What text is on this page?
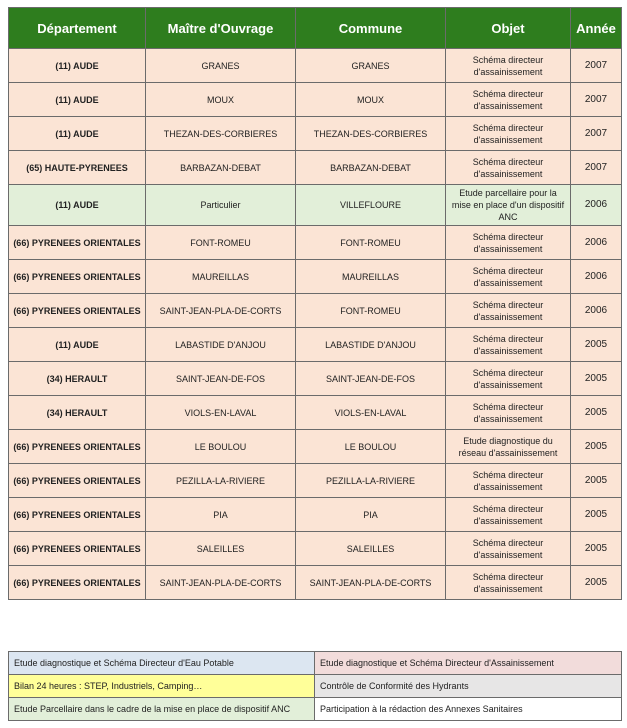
Département	Maître d'Ouvrage	Commune	Objet	Année
(11) AUDE	GRANES	GRANES	Schéma directeur d'assainissement	2007
(11) AUDE	MOUX	MOUX	Schéma directeur d'assainissement	2007
(11) AUDE	THEZAN-DES-CORBIERES	THEZAN-DES-CORBIERES	Schéma directeur d'assainissement	2007
(65) HAUTE-PYRENEES	BARBAZAN-DEBAT	BARBAZAN-DEBAT	Schéma directeur d'assainissement	2007
(11) AUDE	Particulier	VILLEFLOURE	Etude parcellaire pour la mise en place d'un dispositif ANC	2006
(66) PYRENEES ORIENTALES	FONT-ROMEU	FONT-ROMEU	Schéma directeur d'assainissement	2006
(66) PYRENEES ORIENTALES	MAUREILLAS	MAUREILLAS	Schéma directeur d'assainissement	2006
(66) PYRENEES ORIENTALES	SAINT-JEAN-PLA-DE-CORTS	FONT-ROMEU	Schéma directeur d'assainissement	2006
(11) AUDE	LABASTIDE D'ANJOU	LABASTIDE D'ANJOU	Schéma directeur d'assainissement	2005
(34) HERAULT	SAINT-JEAN-DE-FOS	SAINT-JEAN-DE-FOS	Schéma directeur d'assainissement	2005
(34) HERAULT	VIOLS-EN-LAVAL	VIOLS-EN-LAVAL	Schéma directeur d'assainissement	2005
(66) PYRENEES ORIENTALES	LE BOULOU	LE BOULOU	Etude diagnostique du réseau d'assainissement	2005
(66) PYRENEES ORIENTALES	PEZILLA-LA-RIVIERE	PEZILLA-LA-RIVIERE	Schéma directeur d'assainissement	2005
(66) PYRENEES ORIENTALES	PIA	PIA	Schéma directeur d'assainissement	2005
(66) PYRENEES ORIENTALES	SALEILLES	SALEILLES	Schéma directeur d'assainissement	2005
(66) PYRENEES ORIENTALES	SAINT-JEAN-PLA-DE-CORTS	SAINT-JEAN-PLA-DE-CORTS	Schéma directeur d'assainissement	2005
Etude diagnostique et Schéma Directeur d'Eau Potable	Etude diagnostique et Schéma Directeur d'Assainissement
Bilan 24 heures : STEP, Industriels, Camping…	Contrôle de Conformité des Hydrants
Etude Parcellaire dans le cadre de la mise en place de dispositif ANC	Participation à la rédaction des Annexes Sanitaires
